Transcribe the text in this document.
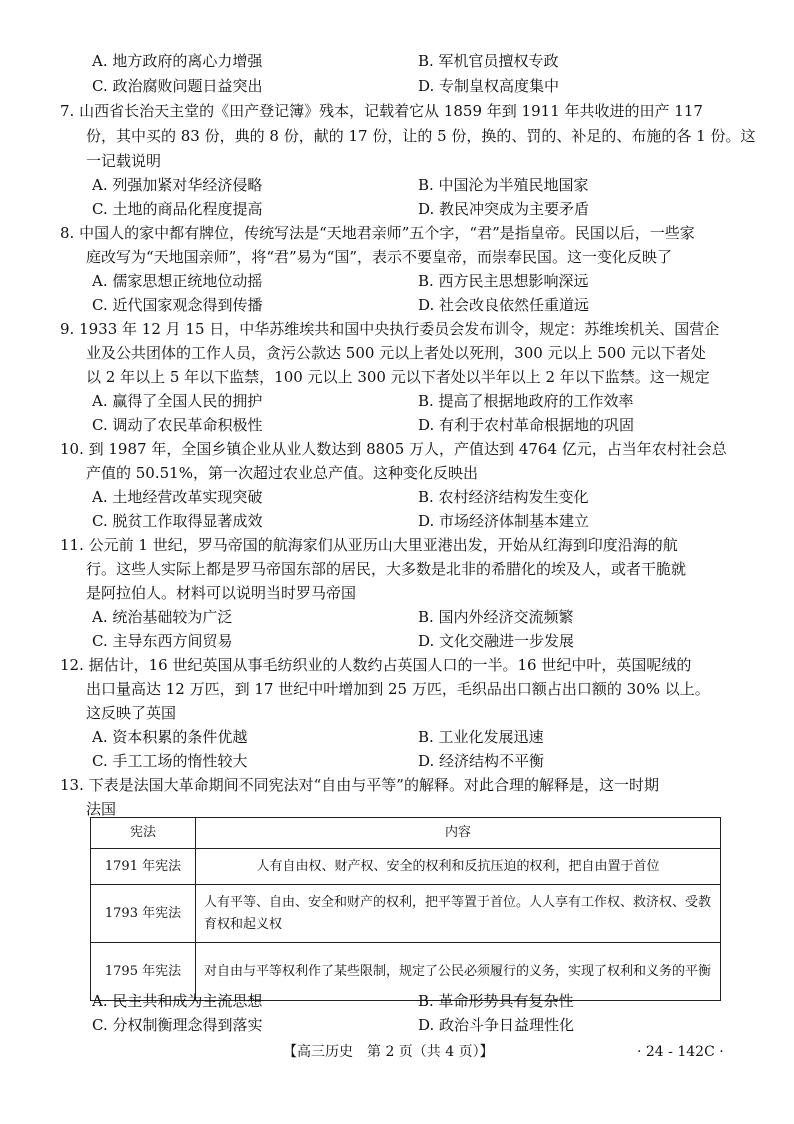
A. 地方政府的离心力增强	B. 军机官员擅权专政
C. 政治腐败问题日益突出	D. 专制皇权高度集中
7. 山西省长治天主堂的《田产登记簿》残本，记载着它从 1859 年到 1911 年共收进的田产 117
份，其中买的 83 份，典的 8 份，献的 17 份，让的 5 份，换的、罚的、补足的、布施的各 1 份。这
一记载说明
A. 列强加紧对华经济侵略	B. 中国沦为半殖民地国家
C. 土地的商品化程度提高	D. 教民冲突成为主要矛盾
8. 中国人的家中都有牌位，传统写法是“天地君亲师”五个字，“君”是指皇帝。民国以后，一些家
庭改写为“天地国亲师”，将“君”易为“国”，表示不要皇帝，而崇奉民国。这一变化反映了
A. 儒家思想正统地位动摇	B. 西方民主思想影响深远
C. 近代国家观念得到传播	D. 社会改良依然任重道远
9. 1933 年 12 月 15 日，中华苏维埃共和国中央执行委员会发布训令，规定：苏维埃机关、国营企
业及公共团体的工作人员，贪污公款达 500 元以上者处以死刑，300 元以上 500 元以下者处
以 2 年以上 5 年以下监禁，100 元以上 300 元以下者处以半年以上 2 年以下监禁。这一规定
A. 赢得了全国人民的拥护	B. 提高了根据地政府的工作效率
C. 调动了农民革命积极性	D. 有利于农村革命根据地的巩固
10. 到 1987 年，全国乡镇企业从业人数达到 8805 万人，产值达到 4764 亿元，占当年农村社会总
产值的 50.51%，第一次超过农业总产值。这种变化反映出
A. 土地经营改革实现突破	B. 农村经济结构发生变化
C. 脱贫工作取得显著成效	D. 市场经济体制基本建立
11. 公元前 1 世纪，罗马帝国的航海家们从亚历山大里亚港出发，开始从红海到印度沿海的航
行。这些人实际上都是罗马帝国东部的居民，大多数是北非的希腊化的埃及人，或者干脆就
是阿拉伯人。材料可以说明当时罗马帝国
A. 统治基础较为广泛	B. 国内外经济交流频繁
C. 主导东西方间贸易	D. 文化交融进一步发展
12. 据估计，16 世纪英国从事毛纺织业的人数约占英国人口的一半。16 世纪中叶，英国呢绒的
出口量高达 12 万匹，到 17 世纪中叶增加到 25 万匹，毛织品出口额占出口额的 30% 以上。
这反映了英国
A. 资本积累的条件优越	B. 工业化发展迅速
C. 手工工场的惰性较大	D. 经济结构不平衡
13. 下表是法国大革命期间不同宪法对“自由与平等”的解释。对此合理的解释是，这一时期
法国
宪法	内容
1791 年宪法	人有自由权、财产权、安全的权利和反抗压迫的权利，把自由置于首位
1793 年宪法	人有平等、自由、安全和财产的权利，把平等置于首位。人人享有工作权、救济权、受教育权和起义权
1795 年宪法	对自由与平等权利作了某些限制，规定了公民必须履行的义务，实现了权利和义务的平衡
A. 民主共和成为主流思想	B. 革命形势具有复杂性
C. 分权制衡理念得到落实	D. 政治斗争日益理性化
【高三历史　第 2 页（共 4 页）】	· 24 - 142C ·
